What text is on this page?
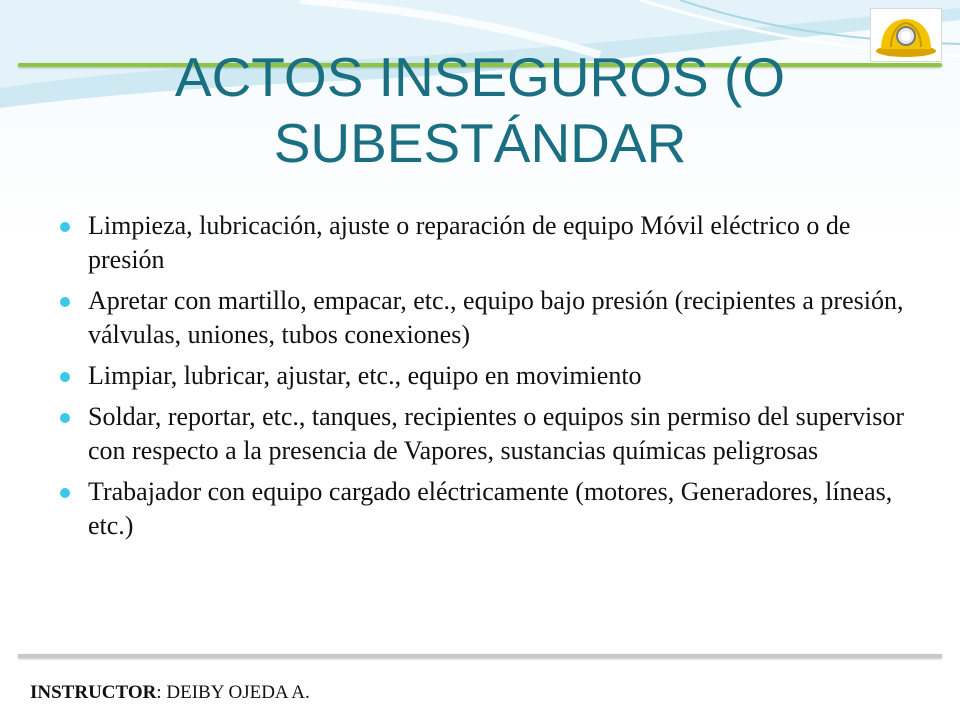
ACTOS INSEGUROS (O
SUBESTÁNDAR
Limpieza, lubricación, ajuste o reparación de equipo Móvil eléctrico o de presión
Apretar con martillo, empacar, etc., equipo bajo presión (recipientes a presión, válvulas, uniones, tubos conexiones)
Limpiar, lubricar, ajustar, etc., equipo en movimiento
Soldar, reportar, etc., tanques, recipientes o equipos sin permiso del supervisor con respecto a la presencia de Vapores, sustancias químicas peligrosas
Trabajador con equipo cargado eléctricamente (motores, Generadores, líneas, etc.)
INSTRUCTOR: DEIBY OJEDA A.
